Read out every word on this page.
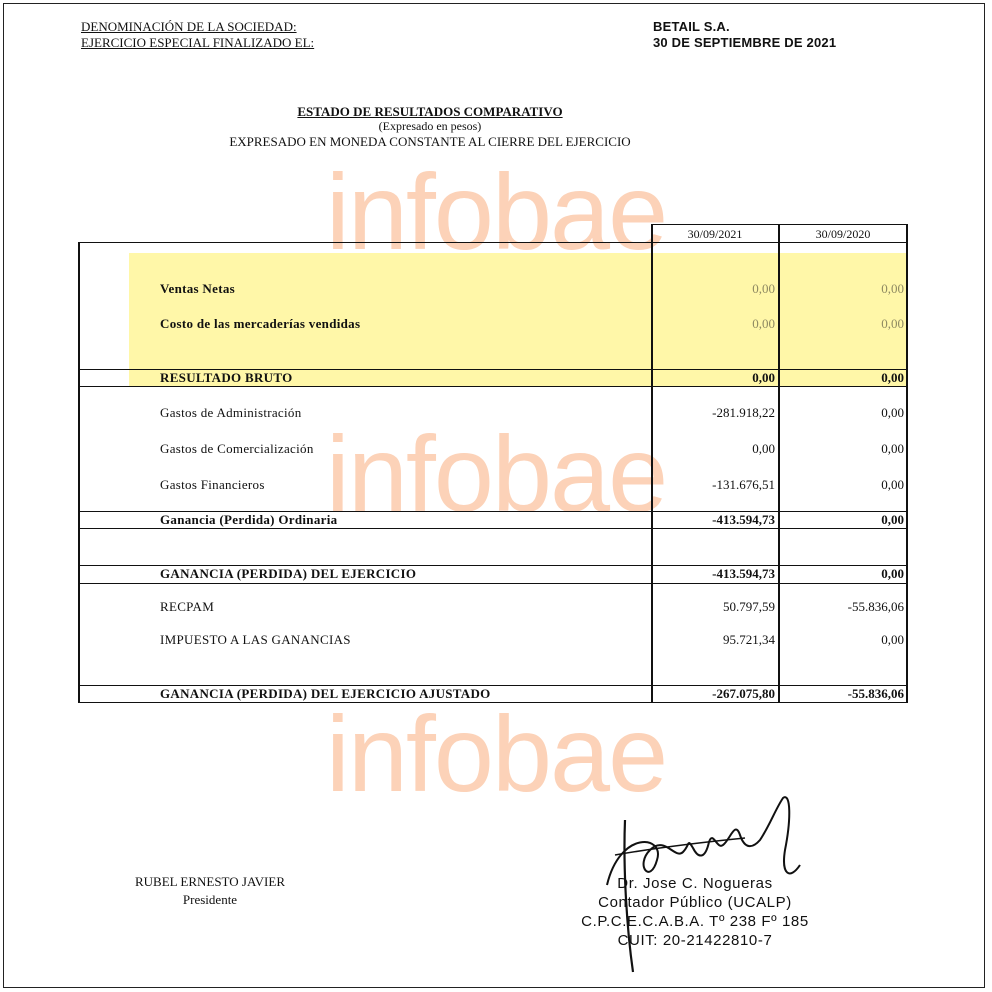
DENOMINACIÓN DE LA SOCIEDAD:
EJERCICIO ESPECIAL FINALIZADO EL:
BETAIL S.A.
30 DE SEPTIEMBRE DE 2021
ESTADO DE RESULTADOS COMPARATIVO
(Expresado en pesos)
EXPRESADO EN MONEDA CONSTANTE AL CIERRE DEL EJERCICIO
infobae
infobae
infobae
30/09/2021	30/09/2020
Ventas Netas	0,00	0,00
Costo de las mercaderías vendidas	0,00	0,00
RESULTADO BRUTO	0,00	0,00
Gastos de Administración	-281.918,22	0,00
Gastos de Comercialización	0,00	0,00
Gastos Financieros	-131.676,51	0,00
Ganancia (Perdida) Ordinaria	-413.594,73	0,00
GANANCIA (PERDIDA) DEL EJERCICIO	-413.594,73	0,00
RECPAM	50.797,59	-55.836,06
IMPUESTO A LAS GANANCIAS	95.721,34	0,00
GANANCIA (PERDIDA) DEL EJERCICIO AJUSTADO	-267.075,80	-55.836,06
RUBEL ERNESTO JAVIER
Presidente
Dr. Jose C. Nogueras
Contador Público (UCALP)
C.P.C.E.C.A.B.A. Tº 238 Fº 185
CUIT: 20-21422810-7
